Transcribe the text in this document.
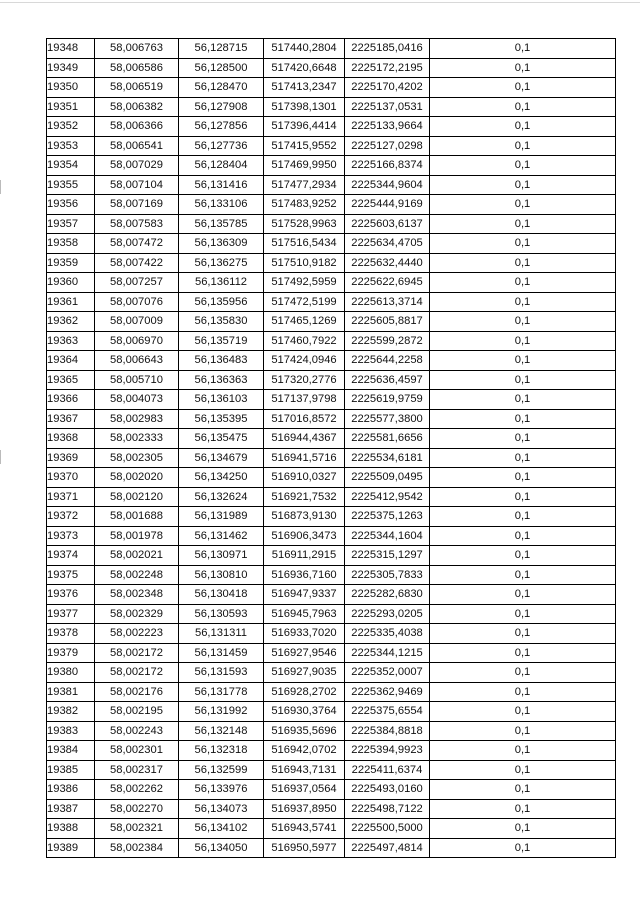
19348	58,006763	56,128715	517440,2804	2225185,0416	0,1
19349	58,006586	56,128500	517420,6648	2225172,2195	0,1
19350	58,006519	56,128470	517413,2347	2225170,4202	0,1
19351	58,006382	56,127908	517398,1301	2225137,0531	0,1
19352	58,006366	56,127856	517396,4414	2225133,9664	0,1
19353	58,006541	56,127736	517415,9552	2225127,0298	0,1
19354	58,007029	56,128404	517469,9950	2225166,8374	0,1
19355	58,007104	56,131416	517477,2934	2225344,9604	0,1
19356	58,007169	56,133106	517483,9252	2225444,9169	0,1
19357	58,007583	56,135785	517528,9963	2225603,6137	0,1
19358	58,007472	56,136309	517516,5434	2225634,4705	0,1
19359	58,007422	56,136275	517510,9182	2225632,4440	0,1
19360	58,007257	56,136112	517492,5959	2225622,6945	0,1
19361	58,007076	56,135956	517472,5199	2225613,3714	0,1
19362	58,007009	56,135830	517465,1269	2225605,8817	0,1
19363	58,006970	56,135719	517460,7922	2225599,2872	0,1
19364	58,006643	56,136483	517424,0946	2225644,2258	0,1
19365	58,005710	56,136363	517320,2776	2225636,4597	0,1
19366	58,004073	56,136103	517137,9798	2225619,9759	0,1
19367	58,002983	56,135395	517016,8572	2225577,3800	0,1
19368	58,002333	56,135475	516944,4367	2225581,6656	0,1
19369	58,002305	56,134679	516941,5716	2225534,6181	0,1
19370	58,002020	56,134250	516910,0327	2225509,0495	0,1
19371	58,002120	56,132624	516921,7532	2225412,9542	0,1
19372	58,001688	56,131989	516873,9130	2225375,1263	0,1
19373	58,001978	56,131462	516906,3473	2225344,1604	0,1
19374	58,002021	56,130971	516911,2915	2225315,1297	0,1
19375	58,002248	56,130810	516936,7160	2225305,7833	0,1
19376	58,002348	56,130418	516947,9337	2225282,6830	0,1
19377	58,002329	56,130593	516945,7963	2225293,0205	0,1
19378	58,002223	56,131311	516933,7020	2225335,4038	0,1
19379	58,002172	56,131459	516927,9546	2225344,1215	0,1
19380	58,002172	56,131593	516927,9035	2225352,0007	0,1
19381	58,002176	56,131778	516928,2702	2225362,9469	0,1
19382	58,002195	56,131992	516930,3764	2225375,6554	0,1
19383	58,002243	56,132148	516935,5696	2225384,8818	0,1
19384	58,002301	56,132318	516942,0702	2225394,9923	0,1
19385	58,002317	56,132599	516943,7131	2225411,6374	0,1
19386	58,002262	56,133976	516937,0564	2225493,0160	0,1
19387	58,002270	56,134073	516937,8950	2225498,7122	0,1
19388	58,002321	56,134102	516943,5741	2225500,5000	0,1
19389	58,002384	56,134050	516950,5977	2225497,4814	0,1
